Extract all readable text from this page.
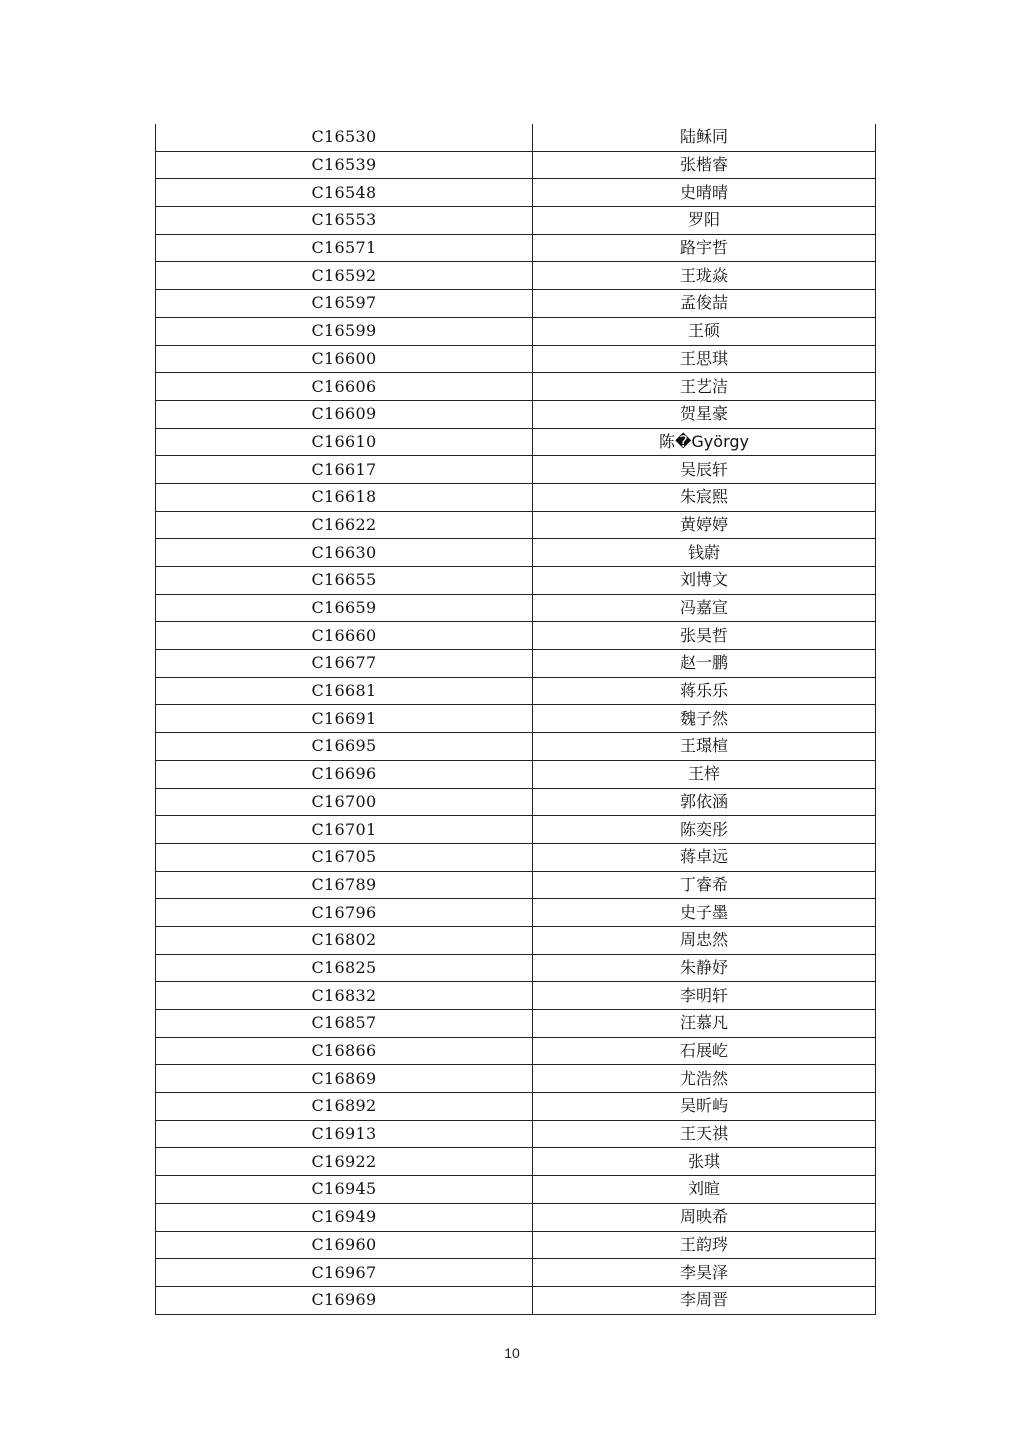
C16530	陆稣同
C16539	张楷睿
C16548	史晴晴
C16553	罗阳
C16571	路宇哲
C16592	王珑焱
C16597	孟俊喆
C16599	王硕
C16600	王思琪
C16606	王艺洁
C16609	贺星豪
C16610	陈�György
C16617	吴辰轩
C16618	朱宸熙
C16622	黄婷婷
C16630	钱蔚
C16655	刘博文
C16659	冯嘉宣
C16660	张昊哲
C16677	赵一鹏
C16681	蒋乐乐
C16691	魏子然
C16695	王璟楦
C16696	王梓
C16700	郭依涵
C16701	陈奕彤
C16705	蒋卓远
C16789	丁睿希
C16796	史子墨
C16802	周忠然
C16825	朱静妤
C16832	李明轩
C16857	汪慕凡
C16866	石展屹
C16869	尤浩然
C16892	吴昕屿
C16913	王天祺
C16922	张琪
C16945	刘暄
C16949	周映希
C16960	王韵琌
C16967	李昊泽
C16969	李周晋
10
